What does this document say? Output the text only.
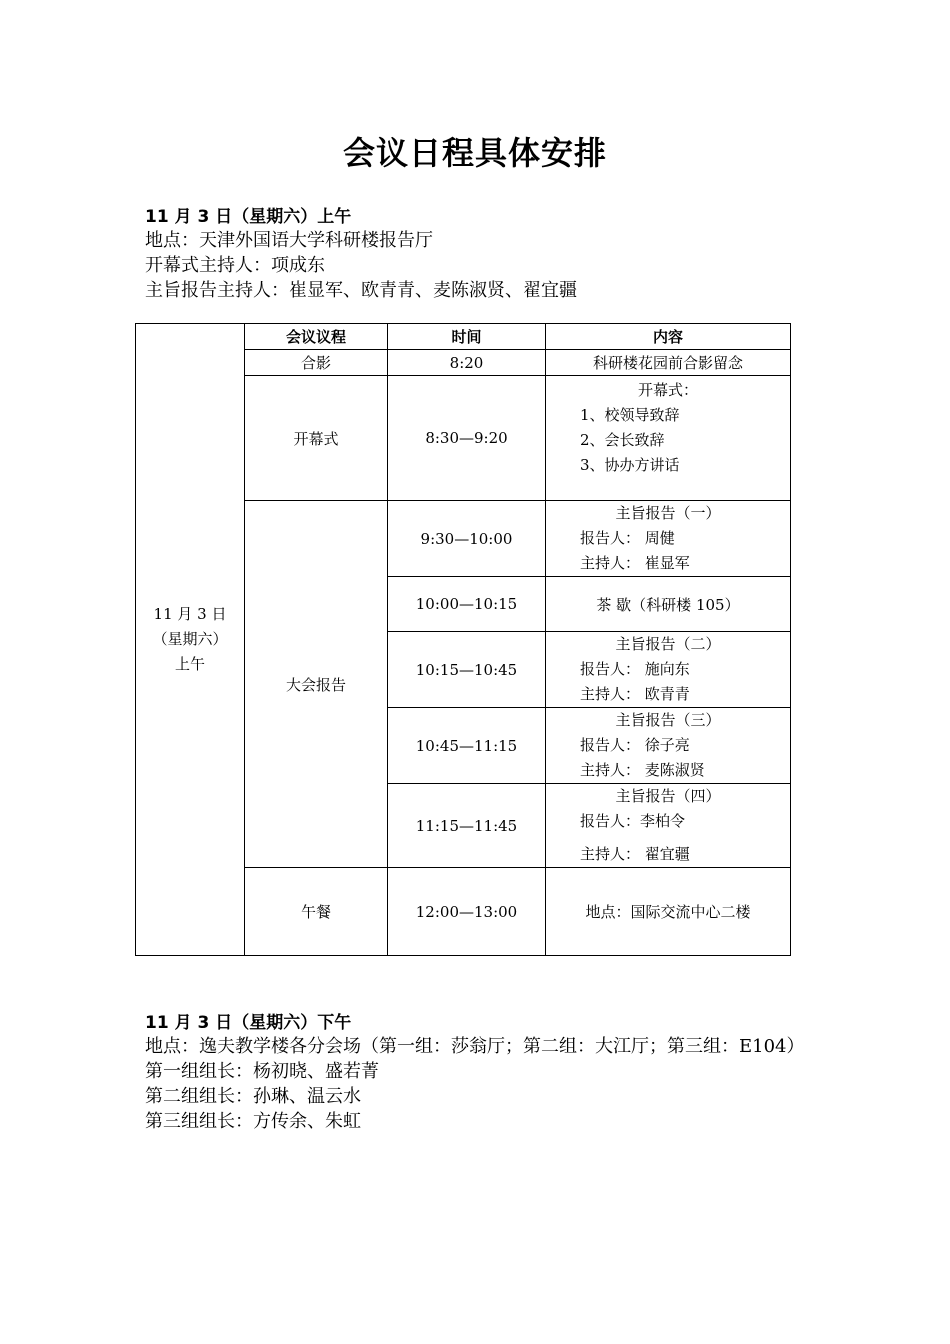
会议日程具体安排
11 月 3 日（星期六）上午
地点：天津外国语大学科研楼报告厅
开幕式主持人：项成东
主旨报告主持人：崔显军、欧青青、麦陈淑贤、翟宜疆
11 月 3 日
（星期六）
上午	会议议程	时间	内容
	合影	8:20	科研楼花园前合影留念
	开幕式	8:30—9:20	开幕式：
1、校领导致辞
2、会长致辞
3、协办方讲话

	大会报告	9:30—10:00	主旨报告（一）
报告人： 周健
主持人： 崔显军

		10:00—10:15	茶 歇（科研楼 105）
		10:15—10:45	主旨报告（二）
报告人： 施向东
主持人： 欧青青

		10:45—11:15	主旨报告（三）
报告人： 徐子亮
主持人： 麦陈淑贤

		11:15—11:45	主旨报告（四）
报告人：李柏令
主持人： 翟宜疆

	午餐	12:00—13:00	地点：国际交流中心二楼
11 月 3 日（星期六）下午
地点：逸夫教学楼各分会场（第一组：莎翁厅；第二组：大江厅；第三组：E104）
第一组组长：杨初晓、盛若菁
第二组组长：孙琳、温云水
第三组组长：方传余、朱虹
